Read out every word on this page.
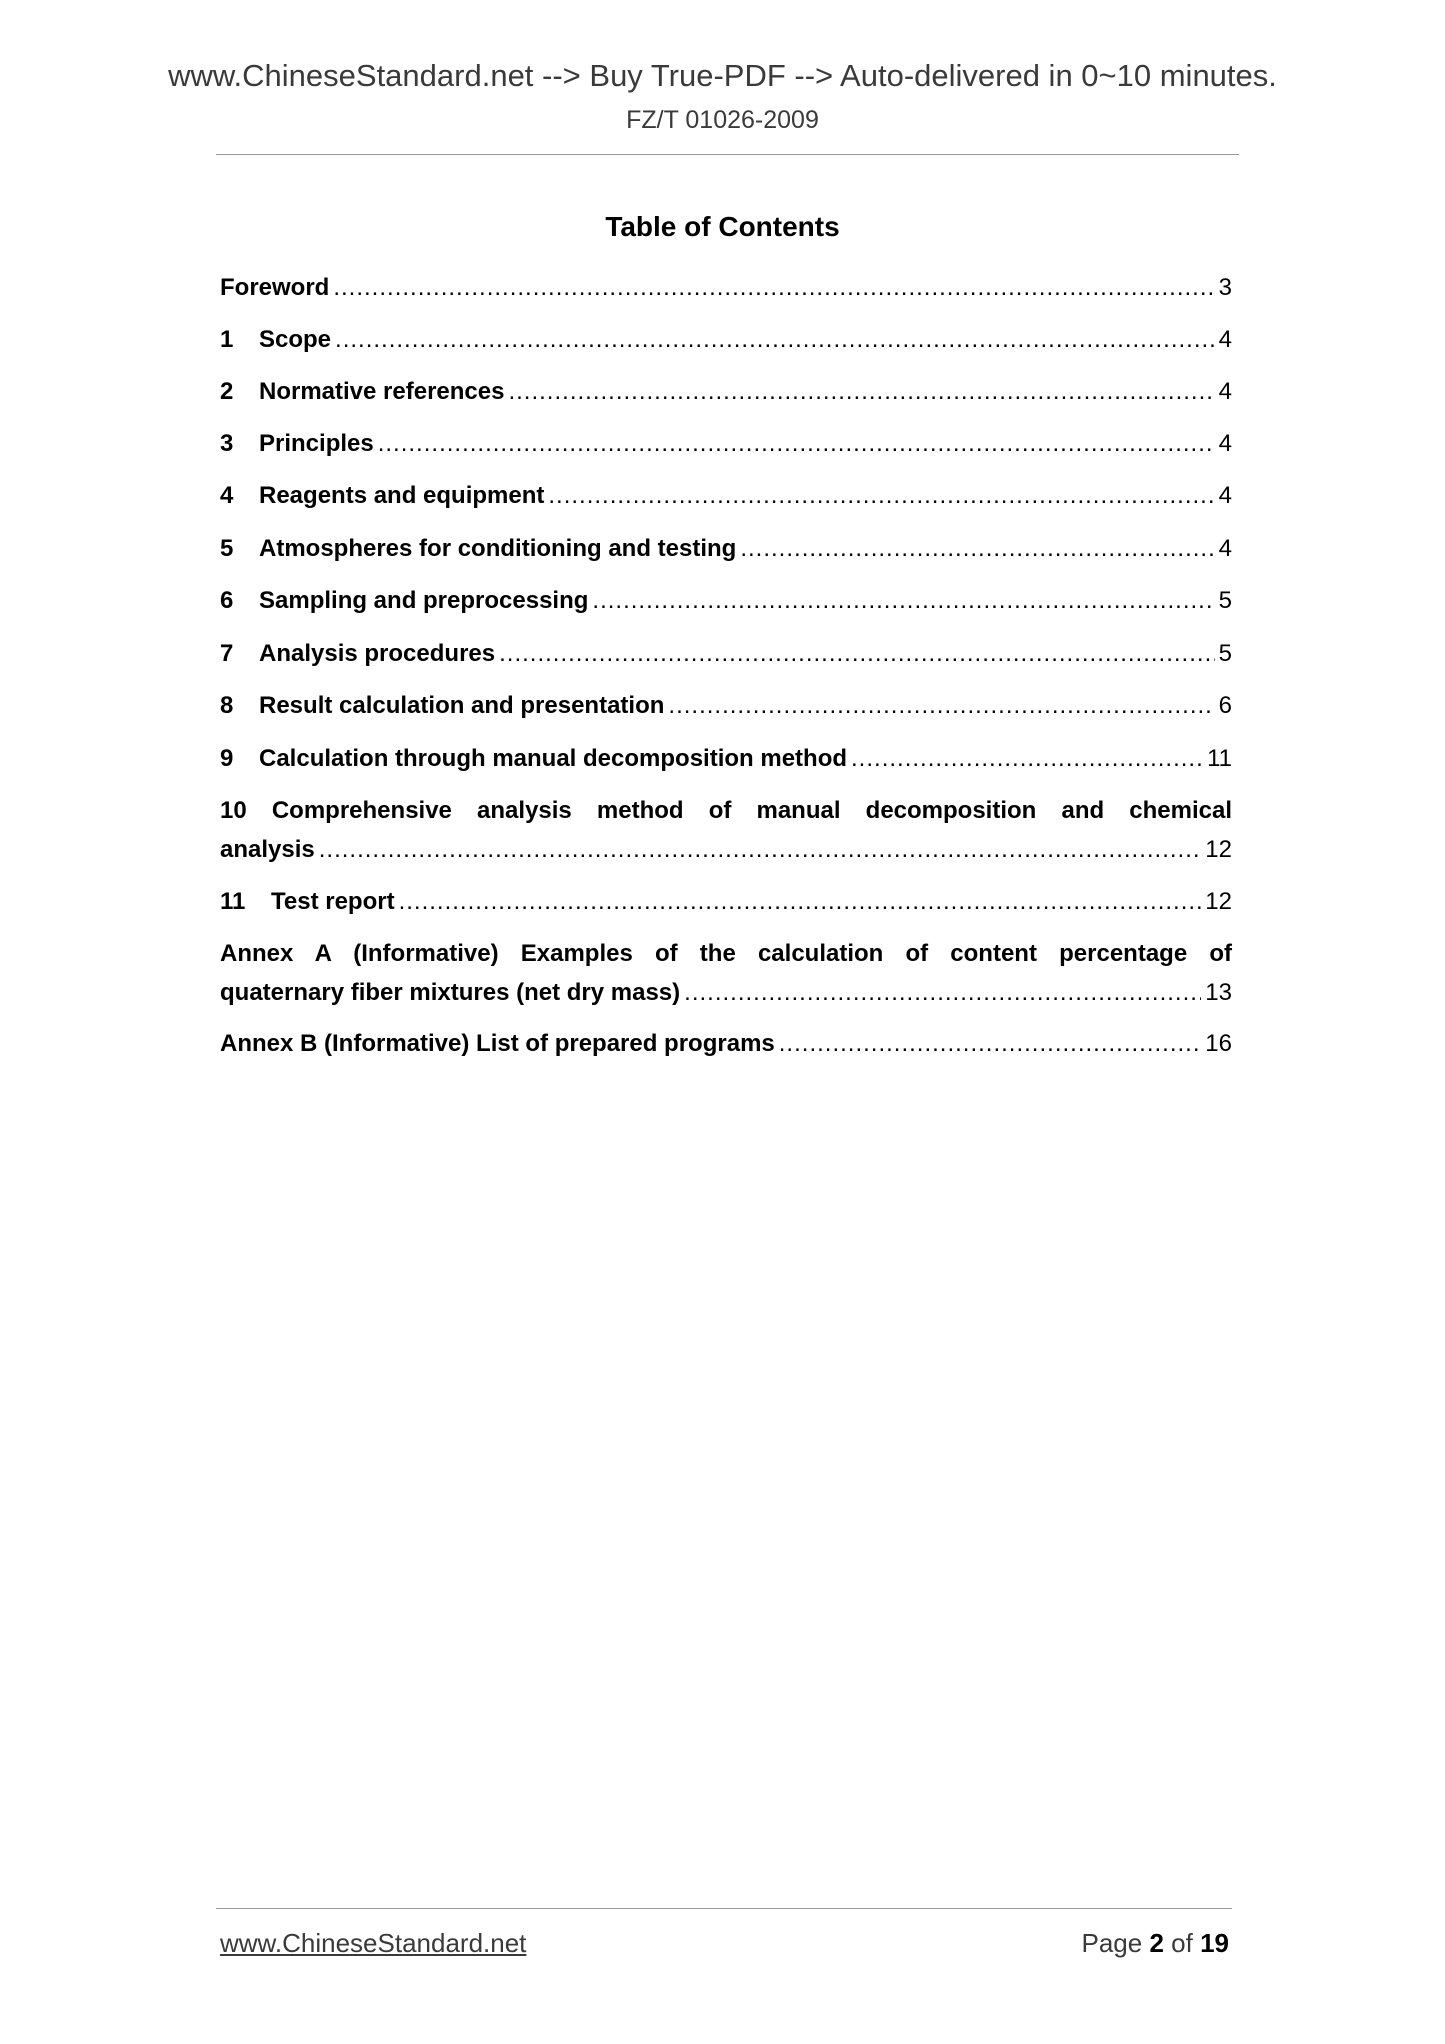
www.ChineseStandard.net --> Buy True-PDF --> Auto-delivered in 0~10 minutes.
FZ/T 01026-2009
Table of Contents
Foreword .....	3
1 Scope .....	4
2 Normative references .....	4
3 Principles .....	4
4 Reagents and equipment .....	4
5 Atmospheres for conditioning and testing .....	4
6 Sampling and preprocessing .....	5
7 Analysis procedures .....	5
8 Result calculation and presentation .....	6
9 Calculation through manual decomposition method .....	11
10 Comprehensive analysis method of manual decomposition and chemical
analysis .....	12
11 Test report .....	12
Annex A (Informative) Examples of the calculation of content percentage of
quaternary fiber mixtures (net dry mass) .....	13
Annex B (Informative) List of prepared programs .....	16
www.ChineseStandard.net	Page 2 of 19
